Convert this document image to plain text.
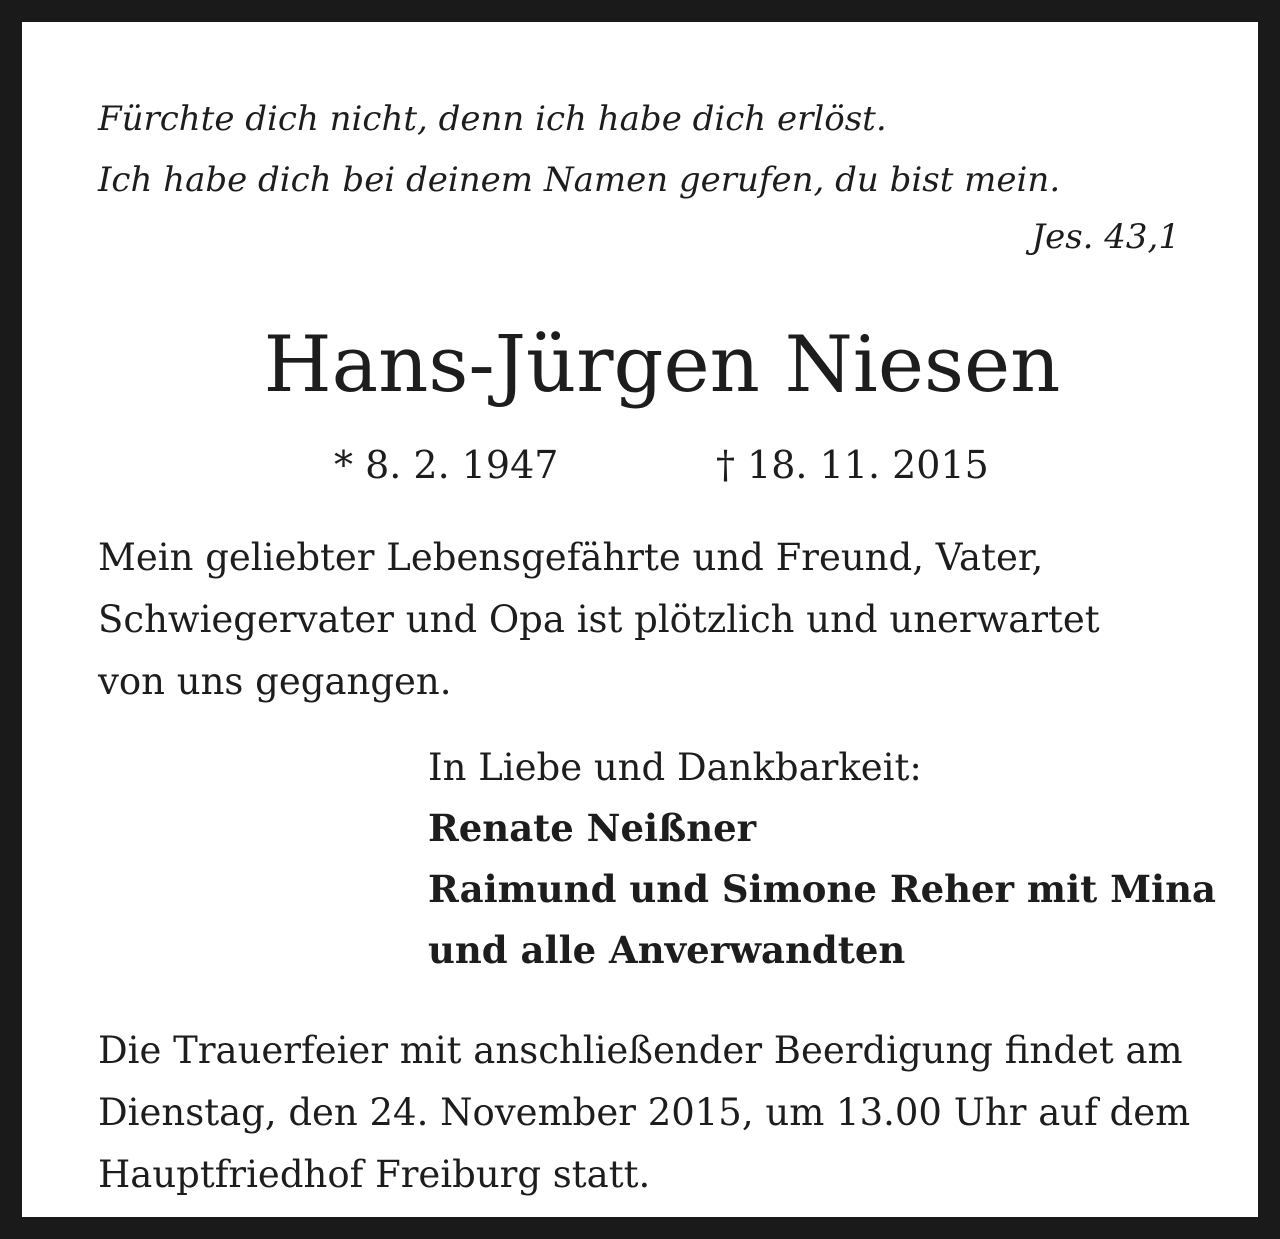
Fürchte dich nicht, denn ich habe dich erlöst.
Ich habe dich bei deinem Namen gerufen, du bist mein.
Jes. 43,1
Hans-Jürgen Niesen
* 8. 2. 1947	† 18. 11. 2015
Mein geliebter Lebensgefährte und Freund, Vater,
Schwiegervater und Opa ist plötzlich und unerwartet
von uns gegangen.
In Liebe und Dankbarkeit:
Renate Neißner
Raimund und Simone Reher mit Mina
und alle Anverwandten
Die Trauerfeier mit anschließender Beerdigung findet am
Dienstag, den 24. November 2015, um 13.00 Uhr auf dem
Hauptfriedhof Freiburg statt.
